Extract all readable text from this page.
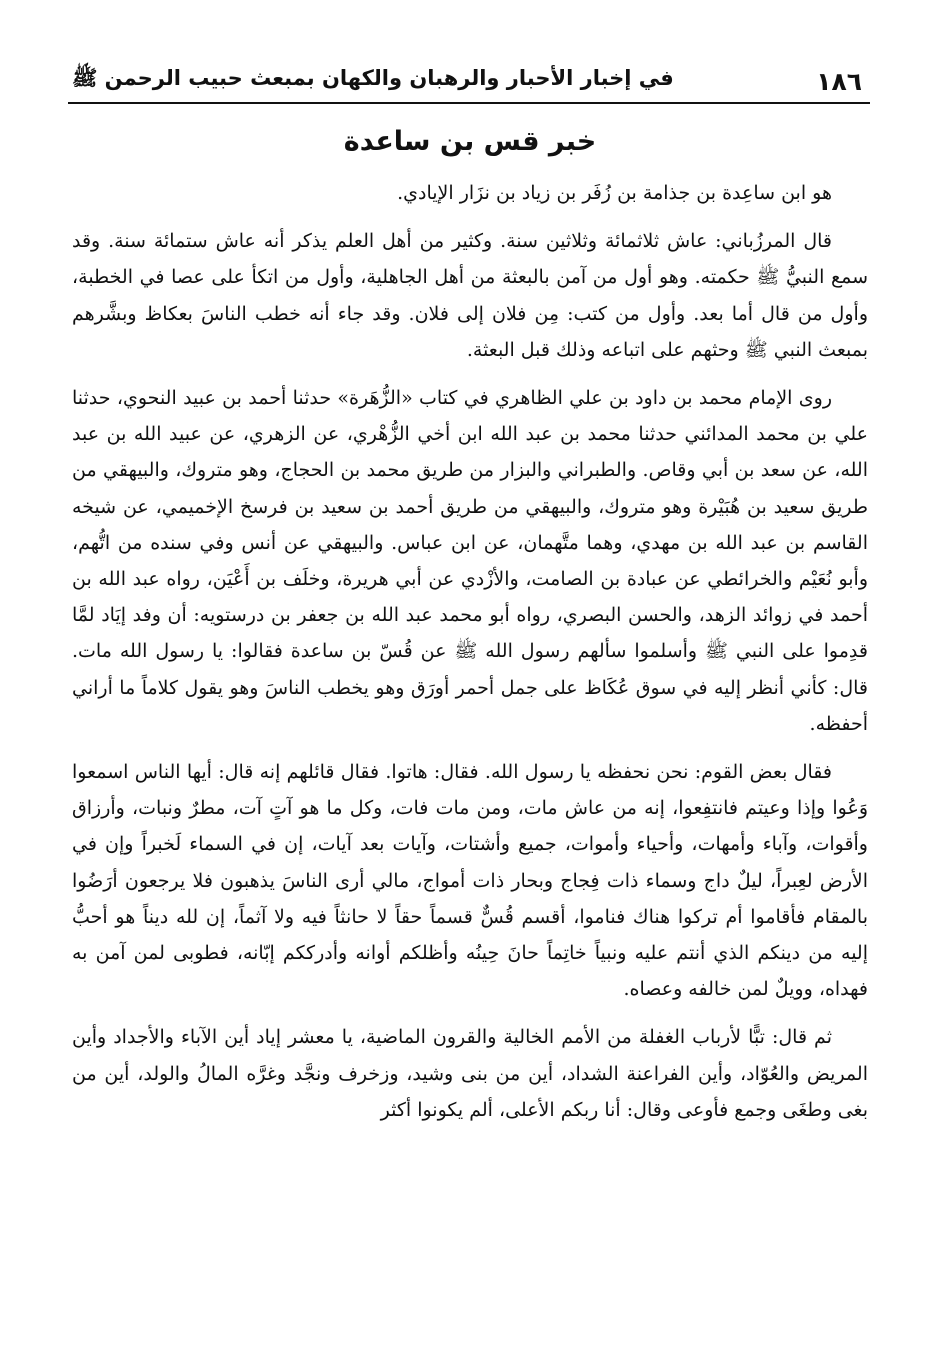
١٨٦
في إخبار الأحبار والرهبان والكهان بمبعث حبيب الرحمن ﷺ
خبر قس بن ساعدة

هو ابن ساعِدة بن جذامة بن زُفَر بن زياد بن نزَار الإيادي.

قال المرزُباني: عاش ثلاثمائة وثلاثين سنة. وكثير من أهل العلم يذكر أنه عاش ستمائة سنة. وقد سمع النبيُّ ﷺ حكمته. وهو أول من آمن بالبعثة من أهل الجاهلية، وأول من اتكأ على عصا في الخطبة، وأول من قال أما بعد. وأول من كتب: مِن فلان إلى فلان. وقد جاء أنه خطب الناسَ بعكاظ وبشَّرهم بمبعث النبي ﷺ وحثهم على اتباعه وذلك قبل البعثة.

روى الإمام محمد بن داود بن علي الظاهري في كتاب «الزُّهَرة» حدثنا أحمد بن عبيد النحوي، حدثنا علي بن محمد المدائني حدثنا محمد بن عبد الله ابن أخي الزُّهْري، عن الزهري، عن عبيد الله بن عبد الله، عن سعد بن أبي وقاص. والطبراني والبزار من طريق محمد بن الحجاج، وهو متروك، والبيهقي من طريق سعيد بن هُبَيْرة وهو متروك، والبيهقي من طريق أحمد بن سعيد بن فرسخ الإخميمي، عن شيخه القاسم بن عبد الله بن مهدي، وهما متَّهمان، عن ابن عباس. والبيهقي عن أنس وفي سنده من اتُّهم، وأبو نُعَيْم والخرائطي عن عبادة بن الصامت، والأزْدي عن أبي هريرة، وخلَف بن أَعْيَن، رواه عبد الله بن أحمد في زوائد الزهد، والحسن البصري، رواه أبو محمد عبد الله بن جعفر بن درستويه: أن وفد إيَاد لمَّا قدِموا على النبي ﷺ وأسلموا سألهم رسول الله ﷺ عن قُسّ بن ساعدة فقالوا: يا رسول الله مات. قال: كأني أنظر إليه في سوق عُكَاظ على جمل أحمر أورَق وهو يخطب الناسَ وهو يقول كلاماً ما أراني أحفظه.

فقال بعض القوم: نحن نحفظه يا رسول الله. فقال: هاتوا. فقال قائلهم إنه قال: أيها الناس اسمعوا وَعُوا وإذا وعيتم فانتفِعوا، إنه من عاش مات، ومن مات فات، وكل ما هو آتٍ آت، مطرٌ ونبات، وأرزاق وأقوات، وآباء وأمهات، وأحياء وأموات، جميع وأشتات، وآيات بعد آيات، إن في السماء لَخبراً وإن في الأرض لعِبراً، ليلٌ داج وسماء ذات فِجاج وبحار ذات أمواج، مالي أرى الناسَ يذهبون فلا يرجعون أرَضُوا بالمقام فأقاموا أم تركوا هناك فناموا، أقسم قُسٌّ قسماً حقاً لا حانثاً فيه ولا آثماً، إن لله ديناً هو أحبُّ إليه من دينكم الذي أنتم عليه ونبياً خاتِماً حانَ حِينُه وأظلكم أوانه وأدرككم إبّانه، فطوبى لمن آمن به فهداه، وويلٌ لمن خالفه وعصاه.

ثم قال: تبًّا لأرباب الغفلة من الأمم الخالية والقرون الماضية، يا معشر إياد أين الآباء والأجداد وأين المريض والعُوّاد، وأين الفراعنة الشداد، أين من بنى وشيد، وزخرف ونجَّد وغرَّه المالُ والولد، أين من بغى وطغَى وجمع فأوعى وقال: أنا ربكم الأعلى، ألم يكونوا أكثر
